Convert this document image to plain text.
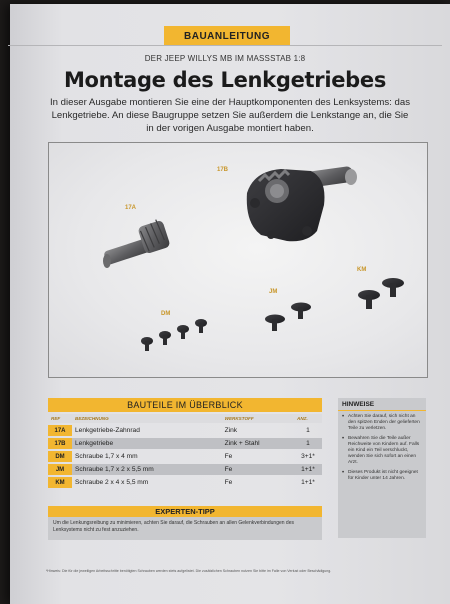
BAUANLEITUNG
DER JEEP WILLYS MB IM MASSSTAB 1:8
Montage des Lenkgetriebes
In dieser Ausgabe montieren Sie eine der Hauptkomponenten des Lenksystems: das Lenkgetriebe. An diese Baugruppe setzen Sie außerdem die Lenkstange an, die Sie in der vorigen Ausgabe montiert haben.
17B
17A
KM
JM
DM
BAUTEILE IM ÜBERBLICK
REF	BEZEICHNUNG	WERKSTOFF	ANZ.
17A	Lenkgetriebe-Zahnrad	Zink	1
17B	Lenkgetriebe	Zink + Stahl	1
DM	Schraube 1,7 x 4 mm	Fe	3+1*
JM	Schraube 1,7 x 2 x 5,5 mm	Fe	1+1*
KM	Schraube 2 x 4 x 5,5 mm	Fe	1+1*
HINWEISE
• Achten Sie darauf, sich nicht an den spitzen Enden der gelieferten Teile zu verletzen.
• Bewahren Sie die Teile außer Reichweite von Kindern auf. Falls ein Kind ein Teil verschluckt, wenden Sie sich sofort an einen Arzt.
• Dieses Produkt ist nicht geeignet für Kinder unter 14 Jahren.
EXPERTEN-TIPP
Um die Lenkungsreibung zu minimieren, achten Sie darauf, die Schrauben an allen Gelenkverbindungen des Lenksystems nicht zu fest anzuziehen.
*Hinweis: Die für die jeweiligen Arbeitsschritte benötigten Schrauben werden stets aufgelistet. Die zusätzlichen Schrauben nutzen Sie bitte im Falle von Verlust oder Beschädigung.
